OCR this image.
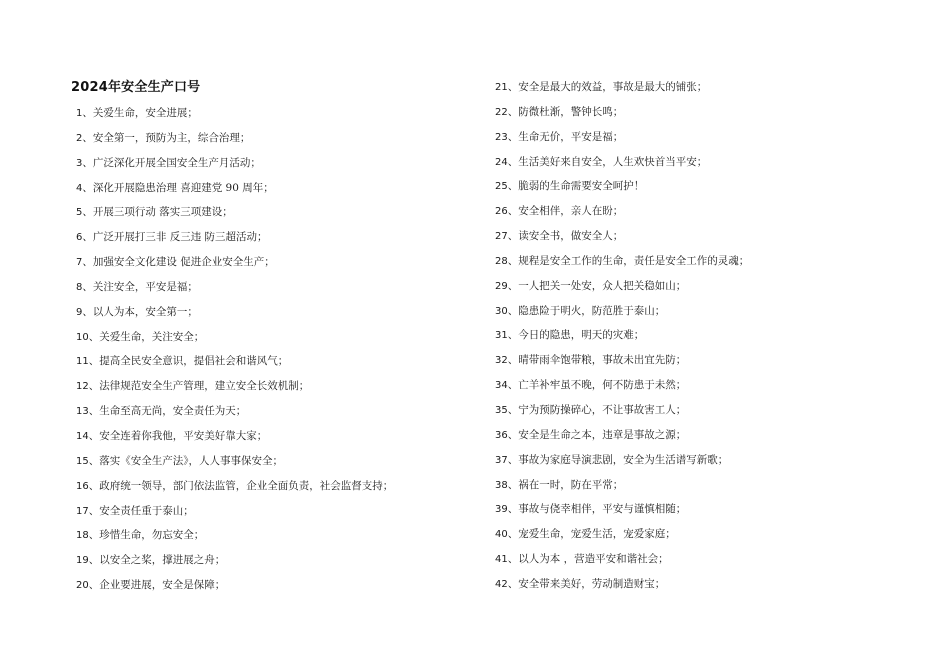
2024年安全生产口号
1、关爱生命，安全进展；
2、安全第一，预防为主，综合治理；
3、广泛深化开展全国安全生产月活动；
4、深化开展隐患治理 喜迎建党 90 周年；
5、开展三项行动 落实三项建设；
6、广泛开展打三非 反三违 防三超活动；
7、加强安全文化建设 促进企业安全生产；
8、关注安全，平安是福；
9、以人为本，安全第一；
10、关爱生命，关注安全；
11、提高全民安全意识，提倡社会和谐风气；
12、法律规范安全生产管理，建立安全长效机制；
13、生命至高无尚，安全责任为天；
14、安全连着你我他，平安美好靠大家；
15、落实《安全生产法》，人人事事保安全；
16、政府统一领导，部门依法监管，企业全面负责，社会监督支持；
17、安全责任重于泰山；
18、珍惜生命，勿忘安全；
19、以安全之桨，撑进展之舟；
20、企业要进展，安全是保障；
21、安全是最大的效益，事故是最大的铺张；
22、防微杜渐，警钟长鸣；
23、生命无价，平安是福；
24、生活美好来自安全，人生欢快首当平安；
25、脆弱的生命需要安全呵护！
26、安全相伴，亲人在盼；
27、读安全书，做安全人；
28、规程是安全工作的生命，责任是安全工作的灵魂；
29、一人把关一处安，众人把关稳如山；
30、隐患险于明火，防范胜于泰山；
31、今日的隐患，明天的灾难；
32、晴带雨伞饱带粮，事故未出宜先防；
34、亡羊补牢虽不晚，何不防患于未然；
35、宁为预防操碎心，不让事故害工人；
36、安全是生命之本，违章是事故之源；
37、事故为家庭导演悲剧，安全为生活谱写新歌；
38、祸在一时，防在平常；
39、事故与侥幸相伴，平安与谨慎相随；
40、宠爱生命，宠爱生活，宠爱家庭；
41、以人为本 ，营造平安和谐社会；
42、安全带来美好，劳动制造财宝；
